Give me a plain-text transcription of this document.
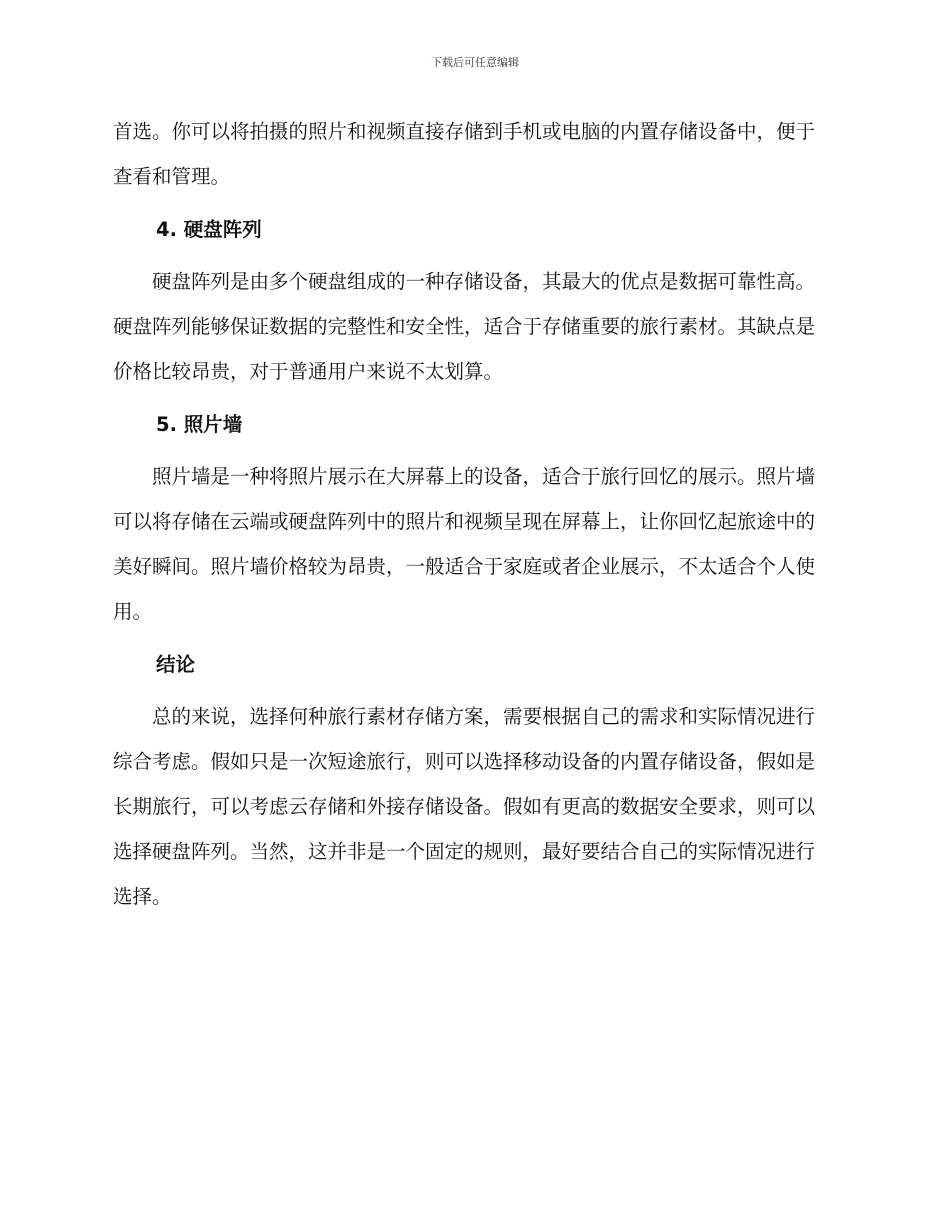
下载后可任意编辑

首选。你可以将拍摄的照片和视频直接存储到手机或电脑的内置存储设备中，便于查看和管理。

4. 硬盘阵列

硬盘阵列是由多个硬盘组成的一种存储设备，其最大的优点是数据可靠性高。硬盘阵列能够保证数据的完整性和安全性，适合于存储重要的旅行素材。其缺点是价格比较昂贵，对于普通用户来说不太划算。

5. 照片墙

照片墙是一种将照片展示在大屏幕上的设备，适合于旅行回忆的展示。照片墙可以将存储在云端或硬盘阵列中的照片和视频呈现在屏幕上，让你回忆起旅途中的美好瞬间。照片墙价格较为昂贵，一般适合于家庭或者企业展示，不太适合个人使用。

结论

总的来说，选择何种旅行素材存储方案，需要根据自己的需求和实际情况进行综合考虑。假如只是一次短途旅行，则可以选择移动设备的内置存储设备，假如是长期旅行，可以考虑云存储和外接存储设备。假如有更高的数据安全要求，则可以选择硬盘阵列。当然，这并非是一个固定的规则，最好要结合自己的实际情况进行选择。
